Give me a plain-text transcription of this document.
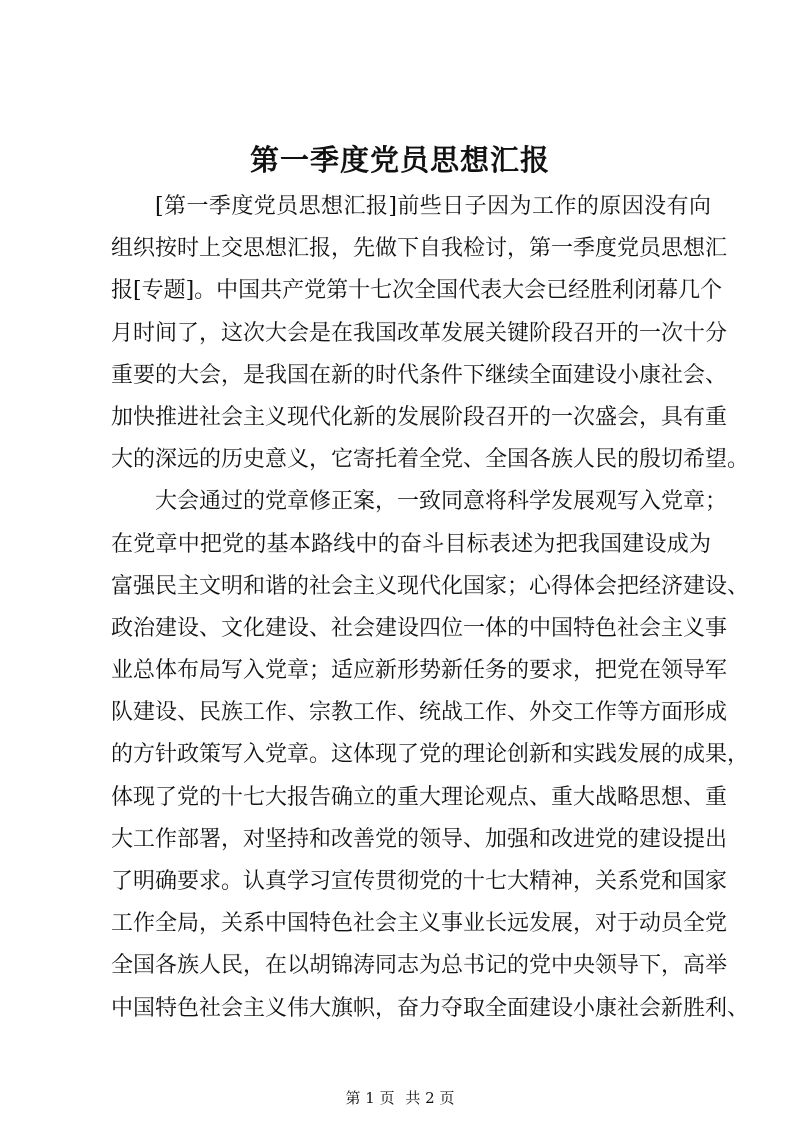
第一季度党员思想汇报
[第一季度党员思想汇报]前些日子因为工作的原因没有向
组织按时上交思想汇报，先做下自我检讨，第一季度党员思想汇
报[专题]。中国共产党第十七次全国代表大会已经胜利闭幕几个
月时间了，这次大会是在我国改革发展关键阶段召开的一次十分
重要的大会，是我国在新的时代条件下继续全面建设小康社会、
加快推进社会主义现代化新的发展阶段召开的一次盛会，具有重
大的深远的历史意义，它寄托着全党、全国各族人民的殷切希望。
大会通过的党章修正案，一致同意将科学发展观写入党章；
在党章中把党的基本路线中的奋斗目标表述为把我国建设成为
富强民主文明和谐的社会主义现代化国家；心得体会把经济建设、
政治建设、文化建设、社会建设四位一体的中国特色社会主义事
业总体布局写入党章；适应新形势新任务的要求，把党在领导军
队建设、民族工作、宗教工作、统战工作、外交工作等方面形成
的方针政策写入党章。这体现了党的理论创新和实践发展的成果，
体现了党的十七大报告确立的重大理论观点、重大战略思想、重
大工作部署，对坚持和改善党的领导、加强和改进党的建设提出
了明确要求。认真学习宣传贯彻党的十七大精神，关系党和国家
工作全局，关系中国特色社会主义事业长远发展，对于动员全党
全国各族人民，在以胡锦涛同志为总书记的党中央领导下，高举
中国特色社会主义伟大旗帜，奋力夺取全面建设小康社会新胜利、
第 1 页 共 2 页
